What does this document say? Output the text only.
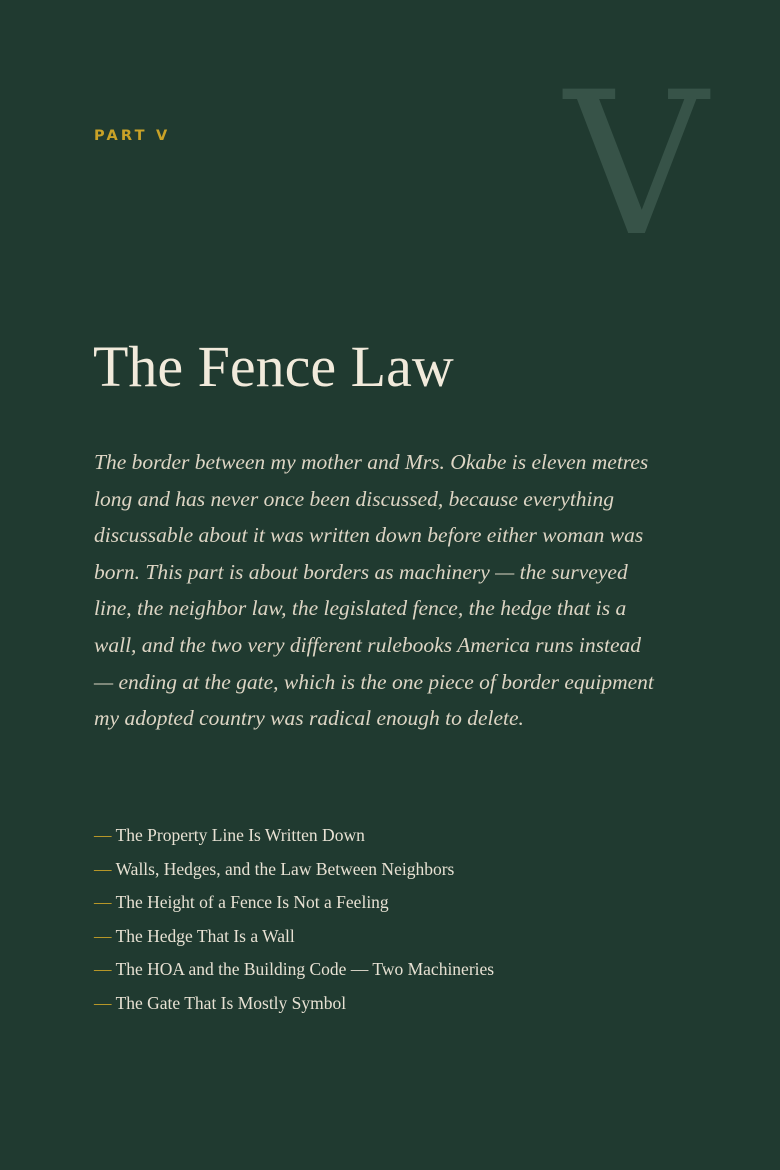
PART V V
The Fence Law

The border between my mother and Mrs. Okabe is eleven metres long and has never once been discussed, because everything discussable about it was written down before either woman was born. This part is about borders as machinery — the surveyed line, the neighbor law, the legislated fence, the hedge that is a wall, and the two very different rulebooks America runs instead — ending at the gate, which is the one piece of border equipment my adopted country was radical enough to delete.

— The Property Line Is Written Down
— Walls, Hedges, and the Law Between Neighbors
— The Height of a Fence Is Not a Feeling
— The Hedge That Is a Wall
— The HOA and the Building Code — Two Machineries
— The Gate That Is Mostly Symbol
